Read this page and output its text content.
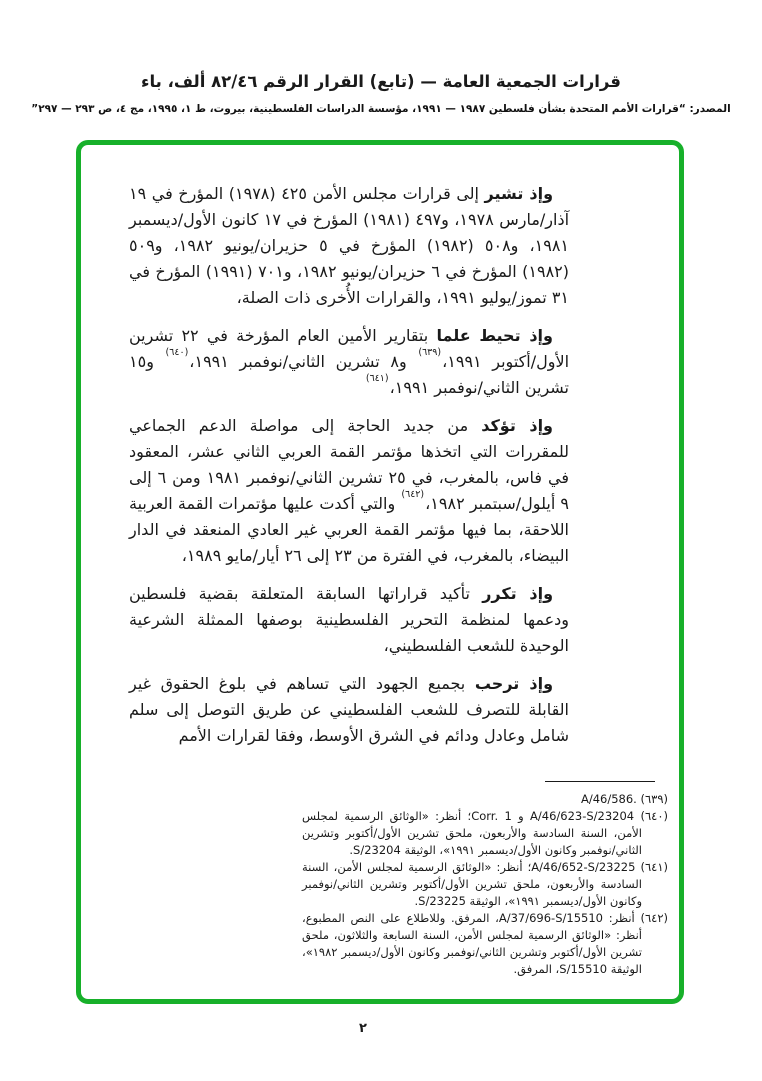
قرارات الجمعية العامة — (تابع) القرار الرقم ٨٢/٤٦ ألف، باء
المصدر: “قرارات الأمم المتحدة بشأن فلسطين ١٩٨٧ — ١٩٩١، مؤسسة الدراسات الفلسطينية، بيروت، ط ١، ١٩٩٥، مج ٤، ص ٢٩٣ — ٢٩٧”

وإذ تشير إلى قرارات مجلس الأمن ٤٢٥ (١٩٧٨) المؤرخ في ١٩ آذار/مارس ١٩٧٨، و٤٩٧ (١٩٨١) المؤرخ في ١٧ كانون الأول/ديسمبر ١٩٨١، و٥٠٨ (١٩٨٢) المؤرخ في ٥ حزيران/يونيو ١٩٨٢، و٥٠٩ (١٩٨٢) المؤرخ في ٦ حزيران/يونيو ١٩٨٢، و٧٠١ (١٩٩١) المؤرخ في ٣١ تموز/يوليو ١٩٩١، والقرارات الأُخرى ذات الصلة،

وإذ تحيط علما بتقارير الأمين العام المؤرخة في ٢٢ تشرين الأول/أكتوبر ١٩٩١،$^{(٦٣٩)}$ و٨ تشرين الثاني/نوفمبر ١٩٩١،$^{(٦٤٠)}$ و١٥ تشرين الثاني/نوفمبر ١٩٩١،$^{(٦٤١)}$

وإذ تؤكد من جديد الحاجة إلى مواصلة الدعم الجماعي للمقررات التي اتخذها مؤتمر القمة العربي الثاني عشر، المعقود في فاس، بالمغرب، في ٢٥ تشرين الثاني/نوفمبر ١٩٨١ ومن ٦ إلى ٩ أيلول/سبتمبر ١٩٨٢،$^{(٦٤٢)}$ والتي أكدت عليها مؤتمرات القمة العربية اللاحقة، بما فيها مؤتمر القمة العربي غير العادي المنعقد في الدار البيضاء، بالمغرب، في الفترة من ٢٣ إلى ٢٦ أيار/مايو ١٩٨٩،

وإذ تكرر تأكيد قراراتها السابقة المتعلقة بقضية فلسطين ودعمها لمنظمة التحرير الفلسطينية بوصفها الممثلة الشرعية الوحيدة للشعب الفلسطيني،

وإذ ترحب بجميع الجهود التي تساهم في بلوغ الحقوق غير القابلة للتصرف للشعب الفلسطيني عن طريق التوصل إلى سلم شامل وعادل ودائم في الشرق الأوسط، وفقا لقرارات الأمم

(٦٣٩) A/46/586.‎
(٦٤٠) A/46/623-S/23204 و Corr. 1؛ أنظر: «الوثائق الرسمية لمجلس الأمن، السنة السادسة والأربعون، ملحق تشرين الأول/أكتوبر وتشرين الثاني/نوفمبر وكانون الأول/ديسمبر ١٩٩١»، الوثيقة S/23204.
(٦٤١) A/46/652-S/23225؛ أنظر: «الوثائق الرسمية لمجلس الأمن، السنة السادسة والأربعون، ملحق تشرين الأول/أكتوبر وتشرين الثاني/نوفمبر وكانون الأول/ديسمبر ١٩٩١»، الوثيقة S/23225.
(٦٤٢) أنظر: A/37/696-S/15510، المرفق. وللاطلاع على النص المطبوع، أنظر: «الوثائق الرسمية لمجلس الأمن، السنة السابعة والثلاثون، ملحق تشرين الأول/أكتوبر وتشرين الثاني/نوفمبر وكانون الأول/ديسمبر ١٩٨٢»، الوثيقة S/15510، المرفق.
٢
